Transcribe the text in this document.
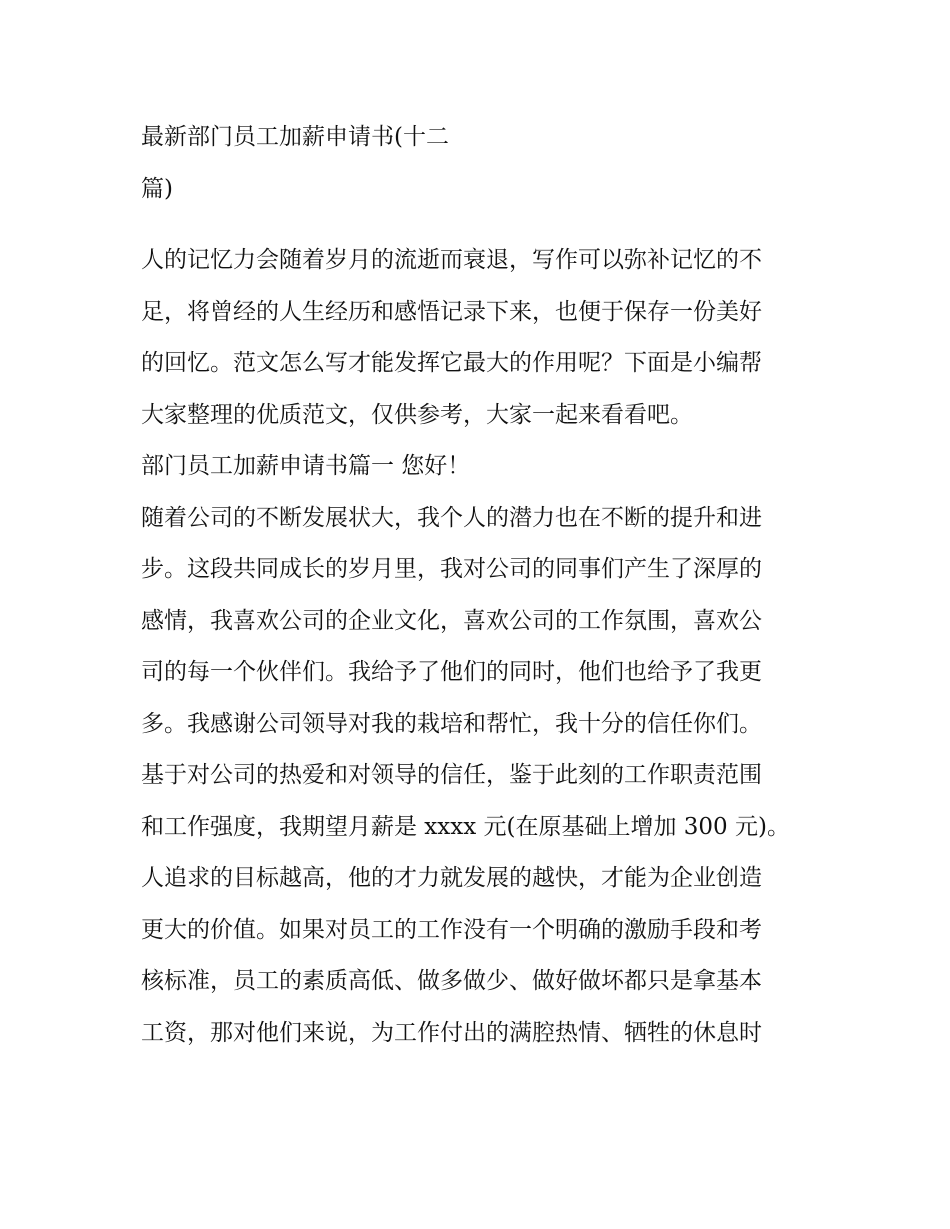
最新部门员工加薪申请书(十二
篇)
人的记忆力会随着岁月的流逝而衰退，写作可以弥补记忆的不
足，将曾经的人生经历和感悟记录下来，也便于保存一份美好
的回忆。范文怎么写才能发挥它最大的作用呢？下面是小编帮
大家整理的优质范文，仅供参考，大家一起来看看吧。
部门员工加薪申请书篇一 您好！
随着公司的不断发展状大，我个人的潜力也在不断的提升和进
步。这段共同成长的岁月里，我对公司的同事们产生了深厚的
感情，我喜欢公司的企业文化，喜欢公司的工作氛围，喜欢公
司的每一个伙伴们。我给予了他们的同时，他们也给予了我更
多。我感谢公司领导对我的栽培和帮忙，我十分的信任你们。
基于对公司的热爱和对领导的信任，鉴于此刻的工作职责范围
和工作强度，我期望月薪是 xxxx 元(在原基础上增加 300 元)。
人追求的目标越高，他的才力就发展的越快，才能为企业创造
更大的价值。如果对员工的工作没有一个明确的激励手段和考
核标准，员工的素质高低、做多做少、做好做坏都只是拿基本
工资，那对他们来说，为工作付出的满腔热情、牺牲的休息时
